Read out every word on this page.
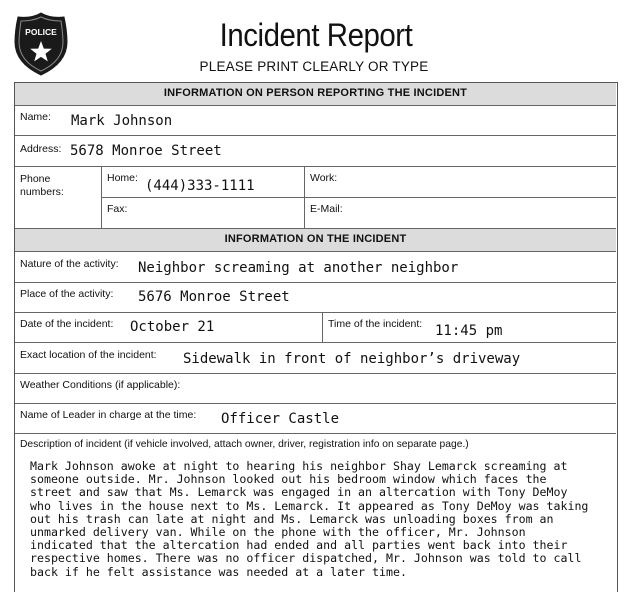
POLICE	Incident Report
PLEASE PRINT CLEARLY OR TYPE
INFORMATION ON PERSON REPORTING THE INCIDENT
Name: Mark Johnson
Address: 5678 Monroe Street
Phone
numbers:
Home: (444)333-1111	Work:
Fax:	E-Mail:
INFORMATION ON THE INCIDENT
Nature of the activity: Neighbor screaming at another neighbor
Place of the activity: 5676 Monroe Street
Date of the incident: October 21	Time of the incident: 11:45 pm
Exact location of the incident: Sidewalk in front of neighbor’s driveway
Weather Conditions (if applicable):
Name of Leader in charge at the time: Officer Castle
Description of incident (if vehicle involved, attach owner, driver, registration info on separate page.)
Mark Johnson awoke at night to hearing his neighbor Shay Lemarck screaming at
someone outside. Mr. Johnson looked out his bedroom window which faces the
street and saw that Ms. Lemarck was engaged in an altercation with Tony DeMoy
who lives in the house next to Ms. Lemarck. It appeared as Tony DeMoy was taking
out his trash can late at night and Ms. Lemarck was unloading boxes from an
unmarked delivery van. While on the phone with the officer, Mr. Johnson
indicated that the altercation had ended and all parties went back into their
respective homes. There was no officer dispatched, Mr. Johnson was told to call
back if he felt assistance was needed at a later time.
